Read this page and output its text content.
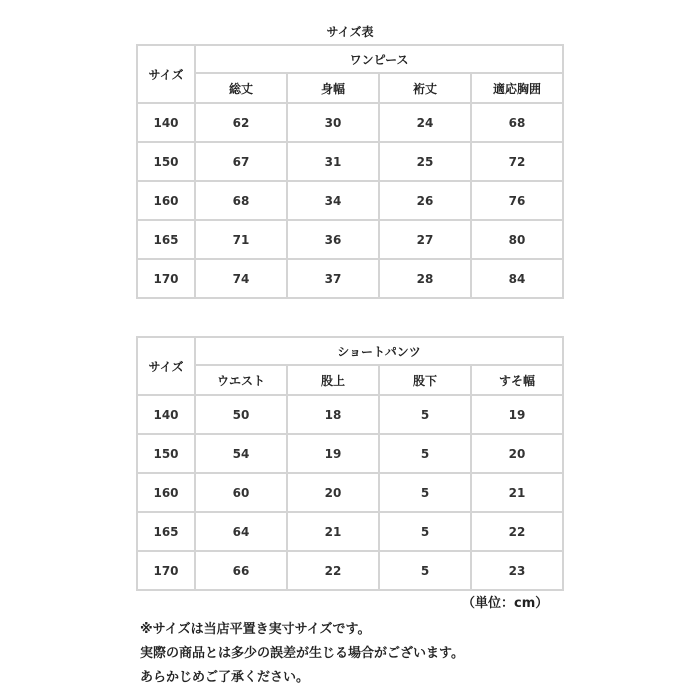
サイズ表
サイズ	ワンピース			
	総丈	身幅	裄丈	適応胸囲
140	62	30	24	68
150	67	31	25	72
160	68	34	26	76
165	71	36	27	80
170	74	37	28	84
サイズ	ショートパンツ			
	ウエスト	股上	股下	すそ幅
140	50	18	5	19
150	54	19	5	20
160	60	20	5	21
165	64	21	5	22
170	66	22	5	23
（単位：cm）
※サイズは当店平置き実寸サイズです。
実際の商品とは多少の誤差が生じる場合がございます。
あらかじめご了承ください。
